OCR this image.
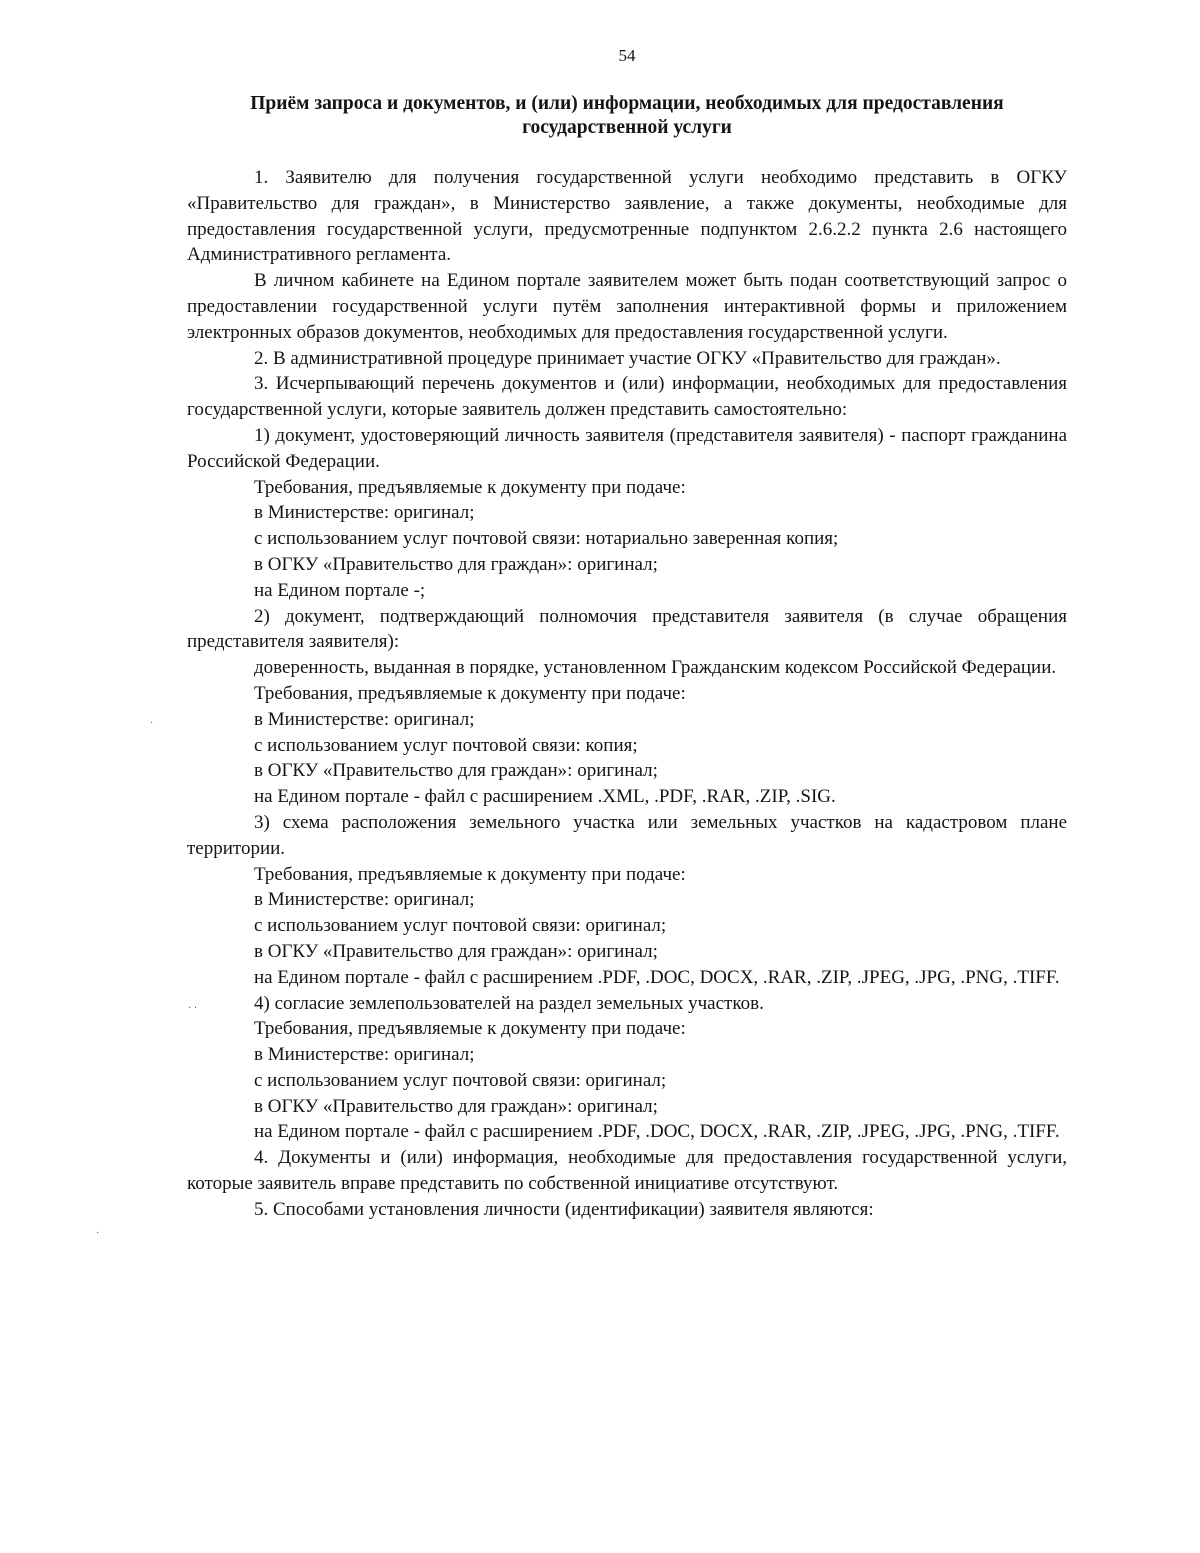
54
Приём запроса и документов, и (или) информации, необходимых для предоставления государственной услуги

1. Заявителю для получения государственной услуги необходимо представить в ОГКУ «Правительство для граждан», в Министерство заявление, а также документы, необходимые для предоставления государственной услуги, предусмотренные подпунктом 2.6.2.2 пункта 2.6 настоящего Административного регламента.

В личном кабинете на Едином портале заявителем может быть подан соответствующий запрос о предоставлении государственной услуги путём заполнения интерактивной формы и приложением электронных образов документов, необходимых для предоставления государственной услуги.

2. В административной процедуре принимает участие ОГКУ «Правительство для граждан».

3. Исчерпывающий перечень документов и (или) информации, необходимых для предоставления государственной услуги, которые заявитель должен представить самостоятельно:

1) документ, удостоверяющий личность заявителя (представителя заявителя) - паспорт гражданина Российской Федерации.

Требования, предъявляемые к документу при подаче:

в Министерстве: оригинал;

с использованием услуг почтовой связи: нотариально заверенная копия;

в ОГКУ «Правительство для граждан»: оригинал;

на Едином портале -;

2) документ, подтверждающий полномочия представителя заявителя (в случае обращения представителя заявителя):

доверенность, выданная в порядке, установленном Гражданским кодексом Российской Федерации.

Требования, предъявляемые к документу при подаче:

в Министерстве: оригинал;

с использованием услуг почтовой связи: копия;

в ОГКУ «Правительство для граждан»: оригинал;

на Едином портале - файл с расширением .XML, .PDF, .RAR, .ZIP, .SIG.

3) схема расположения земельного участка или земельных участков на кадастровом плане территории.

Требования, предъявляемые к документу при подаче:

в Министерстве: оригинал;

с использованием услуг почтовой связи: оригинал;

в ОГКУ «Правительство для граждан»: оригинал;

на Едином портале - файл с расширением .PDF, .DOC, DOCX, .RAR, .ZIP, .JPEG, .JPG, .PNG, .TIFF.

4) согласие землепользователей на раздел земельных участков.

Требования, предъявляемые к документу при подаче:

в Министерстве: оригинал;

с использованием услуг почтовой связи: оригинал;

в ОГКУ «Правительство для граждан»: оригинал;

на Едином портале - файл с расширением .PDF, .DOC, DOCX, .RAR, .ZIP, .JPEG, .JPG, .PNG, .TIFF.

4. Документы и (или) информация, необходимые для предоставления государственной услуги, которые заявитель вправе представить по собственной инициативе отсутствуют.

5. Способами установления личности (идентификации) заявителя являются:

·
· ·
·
